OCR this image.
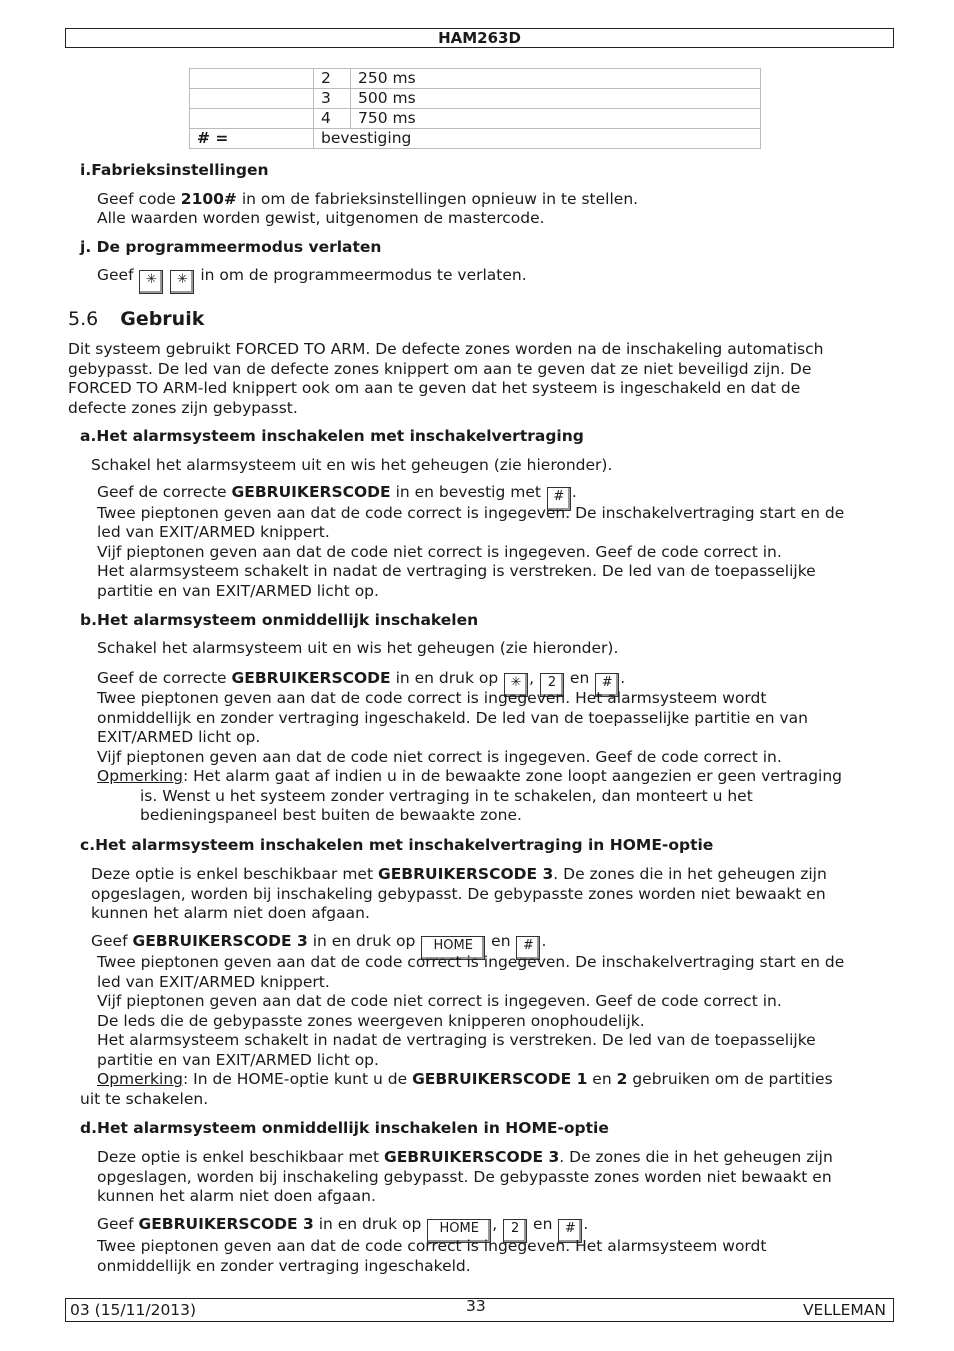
HAM263D
	2	250 ms
	3	500 ms
	4	750 ms
# =	bevestiging	
i.Fabrieksinstellingen
Geef code 2100# in om de fabrieksinstellingen opnieuw in te stellen.
Alle waarden worden gewist, uitgenomen de mastercode.
j. De programmeermodus verlaten
Geef ✳ ✳ in om de programmeermodus te verlaten.
5.6 Gebruik
Dit systeem gebruikt FORCED TO ARM. De defecte zones worden na de inschakeling automatisch
gebypasst. De led van de defecte zones knippert om aan te geven dat ze niet beveiligd zijn. De
FORCED TO ARM-led knippert ook om aan te geven dat het systeem is ingeschakeld en dat de
defecte zones zijn gebypasst.
a.Het alarmsysteem inschakelen met inschakelvertraging
Schakel het alarmsysteem uit en wis het geheugen (zie hieronder).
Geef de correcte GEBRUIKERSCODE in en bevestig met # .
Twee pieptonen geven aan dat de code correct is ingegeven. De inschakelvertraging start en de
led van EXIT/ARMED knippert.
Vijf pieptonen geven aan dat de code niet correct is ingegeven. Geef de code correct in.
Het alarmsysteem schakelt in nadat de vertraging is verstreken. De led van de toepasselijke
partitie en van EXIT/ARMED licht op.
b.Het alarmsysteem onmiddellijk inschakelen
Schakel het alarmsysteem uit en wis het geheugen (zie hieronder).
Geef de correcte GEBRUIKERSCODE in en druk op ✳ , 2 en # .
Twee pieptonen geven aan dat de code correct is ingegeven. Het alarmsysteem wordt
onmiddellijk en zonder vertraging ingeschakeld. De led van de toepasselijke partitie en van
EXIT/ARMED licht op.
Vijf pieptonen geven aan dat de code niet correct is ingegeven. Geef de code correct in.
Opmerking: Het alarm gaat af indien u in de bewaakte zone loopt aangezien er geen vertraging
is. Wenst u het systeem zonder vertraging in te schakelen, dan monteert u het
bedieningspaneel best buiten de bewaakte zone.
c.Het alarmsysteem inschakelen met inschakelvertraging in HOME-optie
Deze optie is enkel beschikbaar met GEBRUIKERSCODE 3. De zones die in het geheugen zijn
opgeslagen, worden bij inschakeling gebypasst. De gebypasste zones worden niet bewaakt en
kunnen het alarm niet doen afgaan.
Geef GEBRUIKERSCODE 3 in en druk op HOME en # .
Twee pieptonen geven aan dat de code correct is ingegeven. De inschakelvertraging start en de
led van EXIT/ARMED knippert.
Vijf pieptonen geven aan dat de code niet correct is ingegeven. Geef de code correct in.
De leds die de gebypasste zones weergeven knipperen onophoudelijk.
Het alarmsysteem schakelt in nadat de vertraging is verstreken. De led van de toepasselijke
partitie en van EXIT/ARMED licht op.
Opmerking: In de HOME-optie kunt u de GEBRUIKERSCODE 1 en 2 gebruiken om de partities
uit te schakelen.
d.Het alarmsysteem onmiddellijk inschakelen in HOME-optie
Deze optie is enkel beschikbaar met GEBRUIKERSCODE 3. De zones die in het geheugen zijn
opgeslagen, worden bij inschakeling gebypasst. De gebypasste zones worden niet bewaakt en
kunnen het alarm niet doen afgaan.
Geef GEBRUIKERSCODE 3 in en druk op HOME , 2 en # .
Twee pieptonen geven aan dat de code correct is ingegeven. Het alarmsysteem wordt
onmiddellijk en zonder vertraging ingeschakeld.
03 (15/11/2013)	33	VELLEMAN
